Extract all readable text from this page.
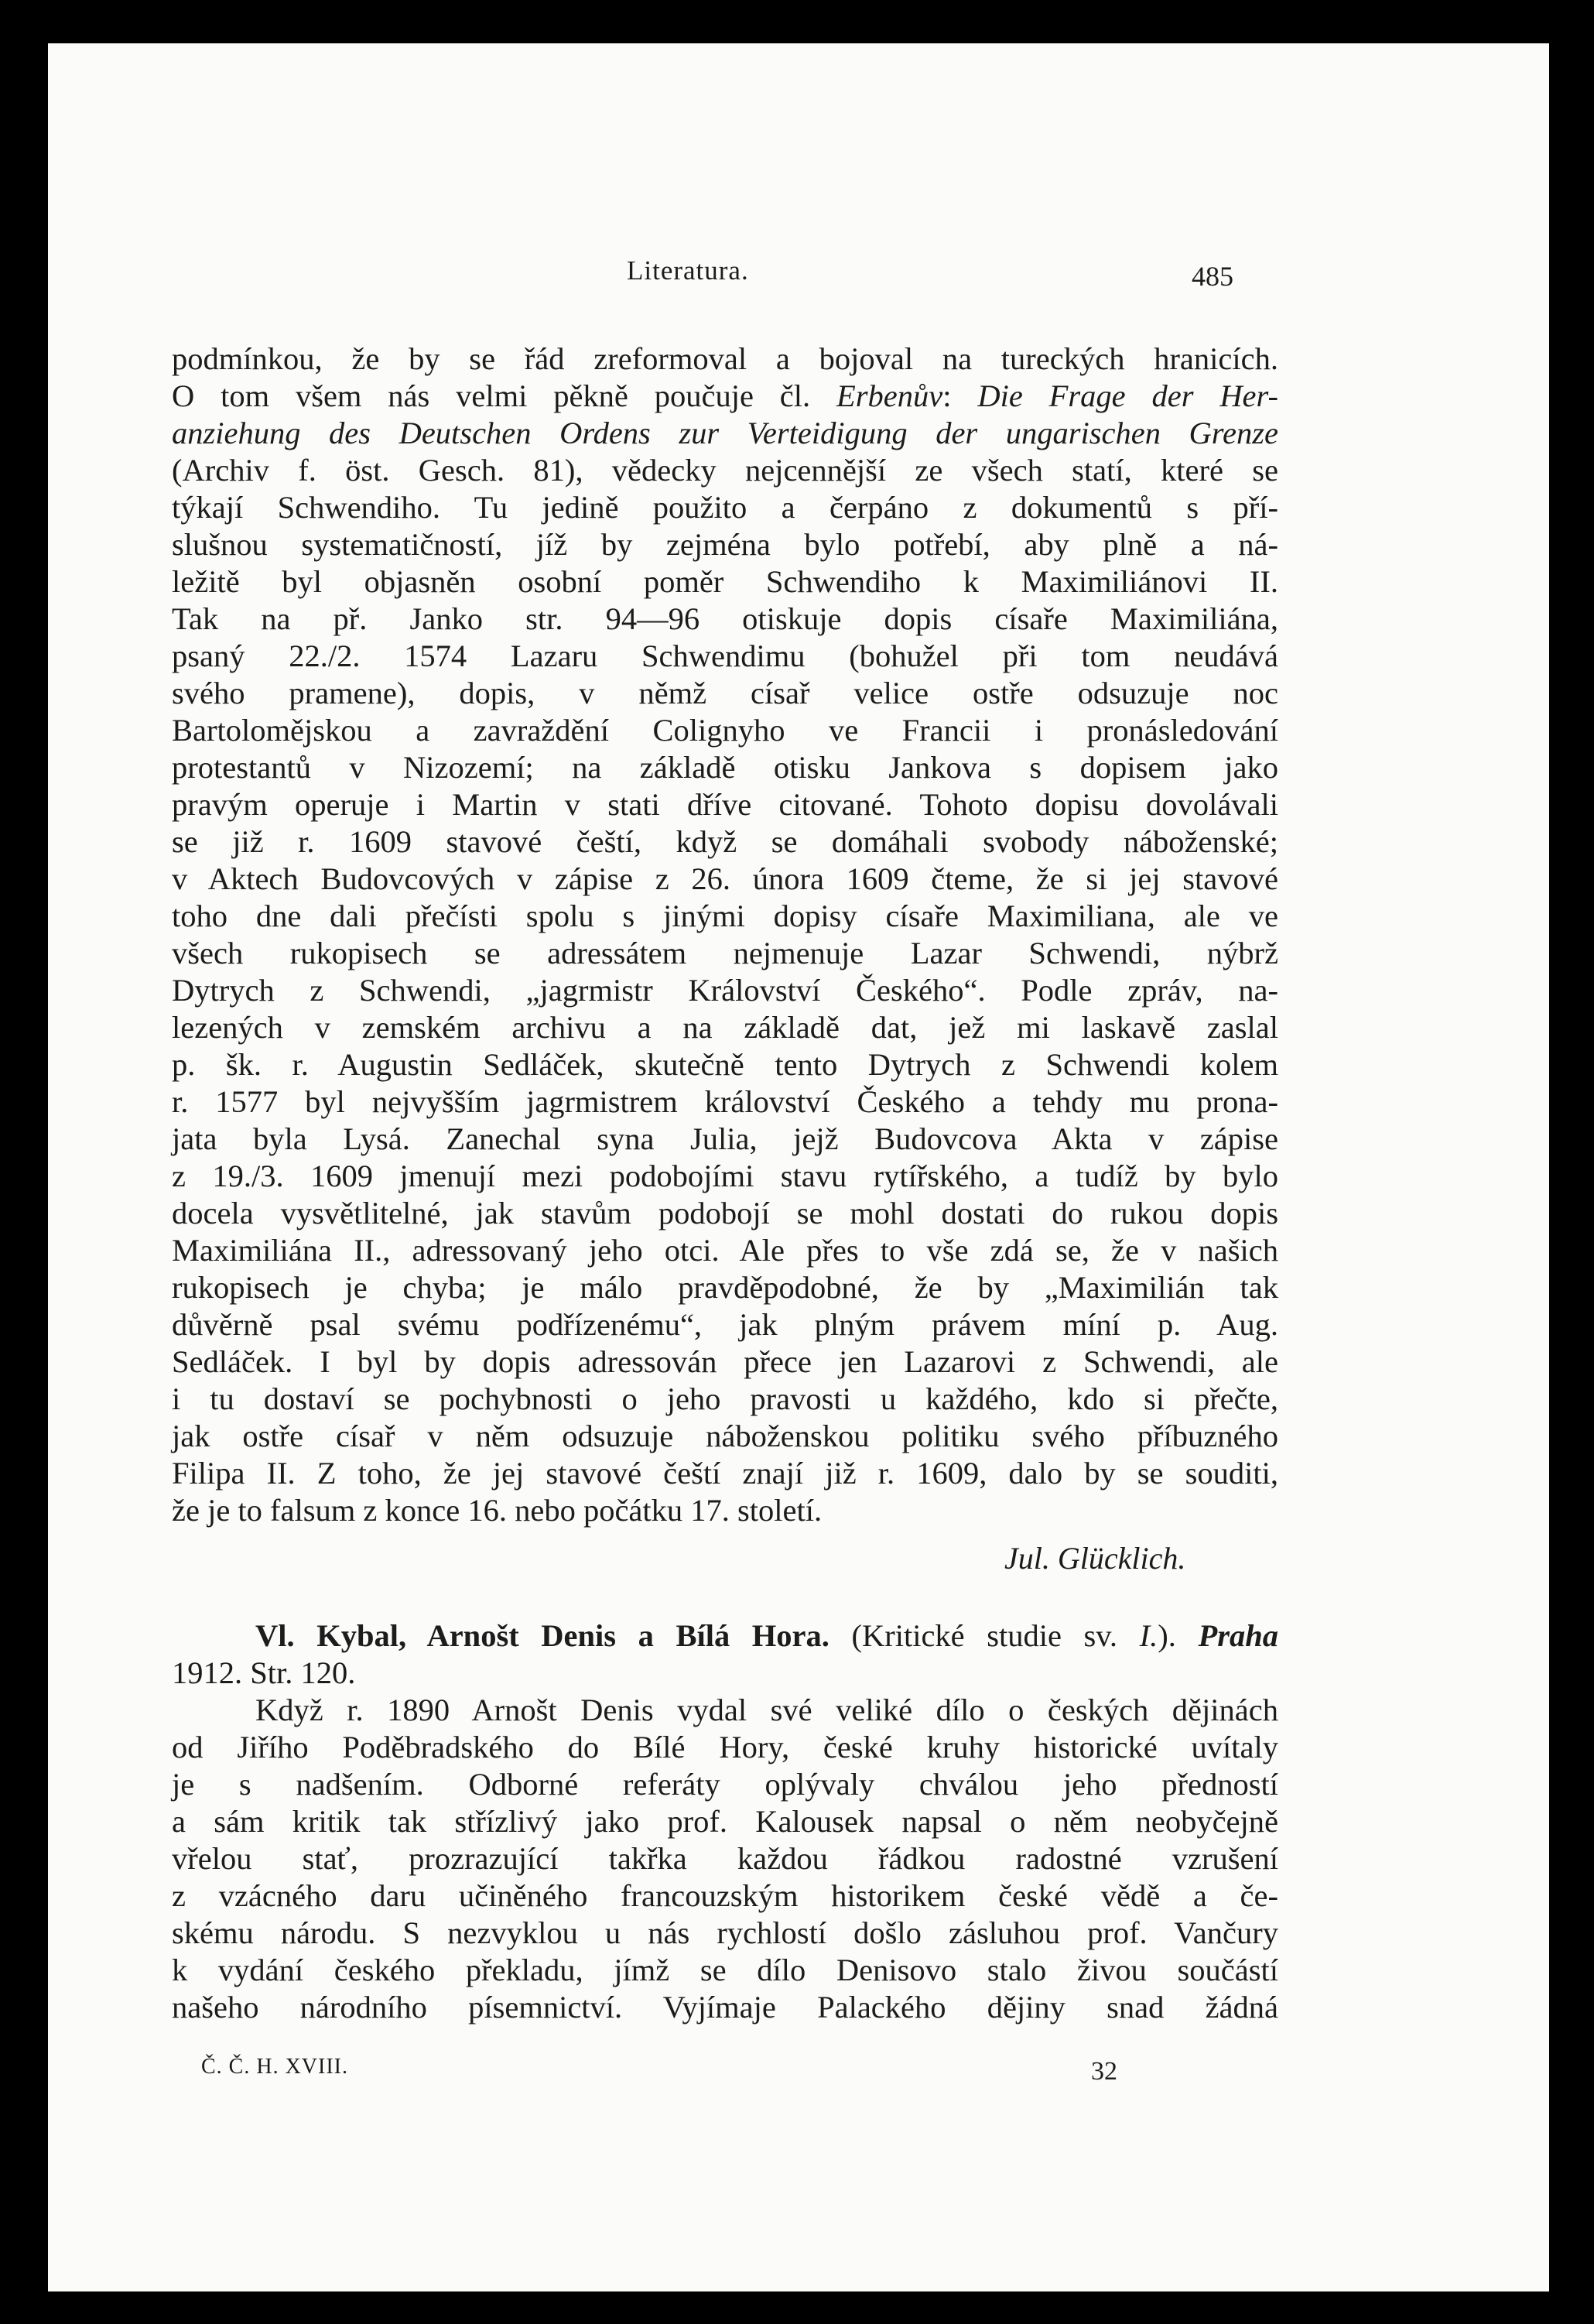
Literatura.	485
podmínkou, že by se řád zreformoval a bojoval na tureckých hranicích.
O tom všem nás velmi pěkně poučuje čl. Erbenův: Die Frage der Her-
anziehung des Deutschen Ordens zur Verteidigung der ungarischen Grenze
(Archiv f. öst. Gesch. 81), vědecky nejcennější ze všech statí, které se
týkají Schwendiho. Tu jedině použito a čerpáno z dokumentů s pří-
slušnou systematičností, jíž by zejména bylo potřebí, aby plně a ná-
ležitě byl objasněn osobní poměr Schwendiho k Maximiliánovi II.
Tak na př. Janko str. 94—96 otiskuje dopis císaře Maximiliána,
psaný 22./2. 1574 Lazaru Schwendimu (bohužel při tom neudává
svého pramene), dopis, v němž císař velice ostře odsuzuje noc
Bartolomějskou a zavraždění Colignyho ve Francii i pronásledování
protestantů v Nizozemí; na základě otisku Jankova s dopisem jako
pravým operuje i Martin v stati dříve citované. Tohoto dopisu dovolávali
se již r. 1609 stavové čeští, když se domáhali svobody náboženské;
v Aktech Budovcových v zápise z 26. února 1609 čteme, že si jej stavové
toho dne dali přečísti spolu s jinými dopisy císaře Maximiliana, ale ve
všech rukopisech se adressátem nejmenuje Lazar Schwendi, nýbrž
Dytrych z Schwendi, „jagrmistr Království Českého“. Podle zpráv, na-
lezených v zemském archivu a na základě dat, jež mi laskavě zaslal
p. šk. r. Augustin Sedláček, skutečně tento Dytrych z Schwendi kolem
r. 1577 byl nejvyšším jagrmistrem království Českého a tehdy mu prona-
jata byla Lysá. Zanechal syna Julia, jejž Budovcova Akta v zápise
z 19./3. 1609 jmenují mezi podobojími stavu rytířského, a tudíž by bylo
docela vysvětlitelné, jak stavům podobojí se mohl dostati do rukou dopis
Maximiliána II., adressovaný jeho otci. Ale přes to vše zdá se, že v našich
rukopisech je chyba; je málo pravděpodobné, že by „Maximilián tak
důvěrně psal svému podřízenému“, jak plným právem míní p. Aug.
Sedláček. I byl by dopis adressován přece jen Lazarovi z Schwendi, ale
i tu dostaví se pochybnosti o jeho pravosti u každého, kdo si přečte,
jak ostře císař v něm odsuzuje náboženskou politiku svého příbuzného
Filipa II. Z toho, že jej stavové čeští znají již r. 1609, dalo by se souditi,
že je to falsum z konce 16. nebo počátku 17. století.
Jul. Glücklich.
Vl. Kybal, Arnošt Denis a Bílá Hora. (Kritické studie sv. I.). Praha
1912. Str. 120.
Když r. 1890 Arnošt Denis vydal své veliké dílo o českých dějinách
od Jiřího Poděbradského do Bílé Hory, české kruhy historické uvítaly
je s nadšením. Odborné referáty oplývaly chválou jeho předností
a sám kritik tak střízlivý jako prof. Kalousek napsal o něm neobyčejně
vřelou stať, prozrazující takřka každou řádkou radostné vzrušení
z vzácného daru učiněného francouzským historikem české vědě a če-
skému národu. S nezvyklou u nás rychlostí došlo zásluhou prof. Vančury
k vydání českého překladu, jímž se dílo Denisovo stalo živou součástí
našeho národního písemnictví. Vyjímaje Palackého dějiny snad žádná
Č. Č. H. XVIII.	32
